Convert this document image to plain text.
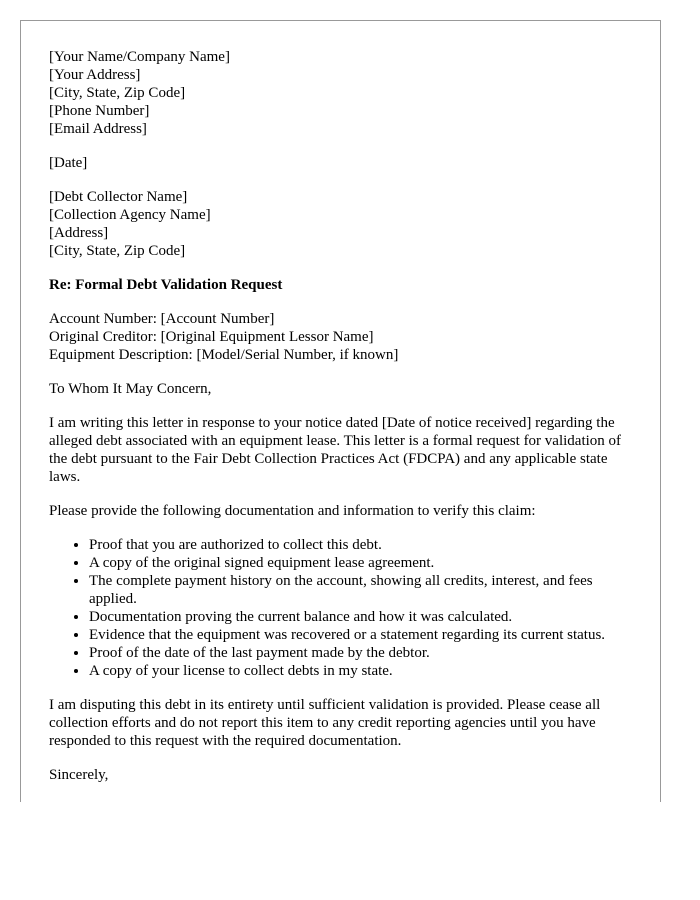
[Your Name/Company Name]
[Your Address]
[City, State, Zip Code]
[Phone Number]
[Email Address]
[Date]
[Debt Collector Name]
[Collection Agency Name]
[Address]
[City, State, Zip Code]
Re: Formal Debt Validation Request
Account Number: [Account Number]
Original Creditor: [Original Equipment Lessor Name]
Equipment Description: [Model/Serial Number, if known]

To Whom It May Concern,

I am writing this letter in response to your notice dated [Date of notice received] regarding the alleged debt associated with an equipment lease. This letter is a formal request for validation of the debt pursuant to the Fair Debt Collection Practices Act (FDCPA) and any applicable state laws.

Please provide the following documentation and information to verify this claim:

• Proof that you are authorized to collect this debt.
• A copy of the original signed equipment lease agreement.
• The complete payment history on the account, showing all credits, interest, and fees applied.
• Documentation proving the current balance and how it was calculated.
• Evidence that the equipment was recovered or a statement regarding its current status.
• Proof of the date of the last payment made by the debtor.
• A copy of your license to collect debts in my state.

I am disputing this debt in its entirety until sufficient validation is provided. Please cease all collection efforts and do not report this item to any credit reporting agencies until you have responded to this request with the required documentation.

Sincerely,
